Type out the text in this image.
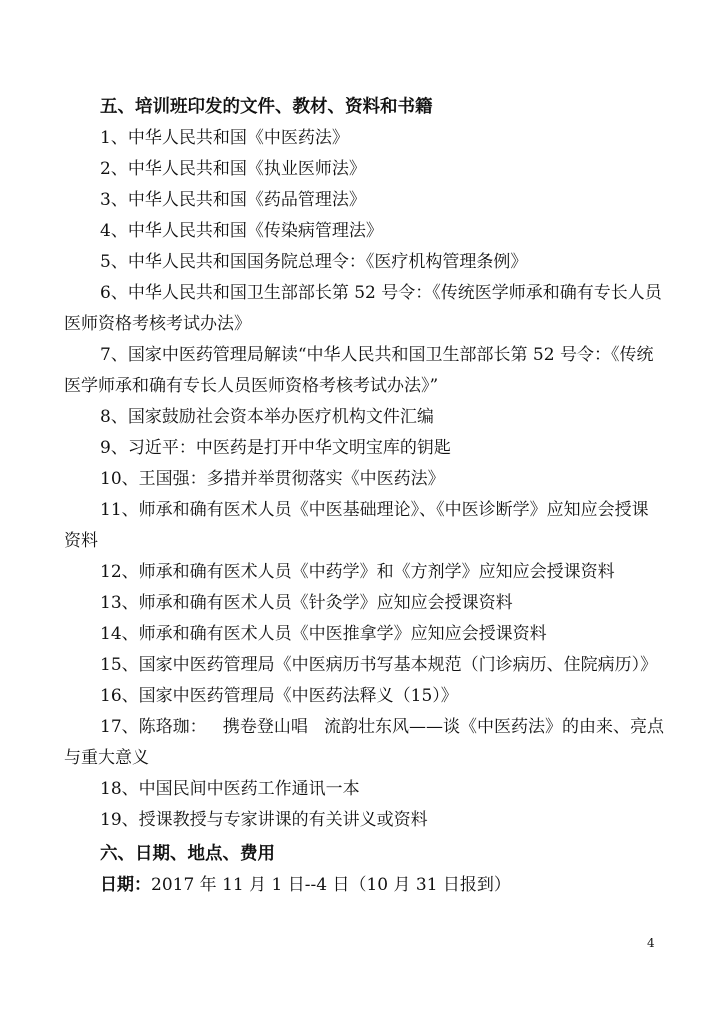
五、培训班印发的文件、教材、资料和书籍
1、中华人民共和国《中医药法》
2、中华人民共和国《执业医师法》
3、中华人民共和国《药品管理法》
4、中华人民共和国《传染病管理法》
5、中华人民共和国国务院总理令：《医疗机构管理条例》
6、中华人民共和国卫生部部长第 52 号令：《传统医学师承和确有专长人员
医师资格考核考试办法》
7、国家中医药管理局解读“中华人民共和国卫生部部长第 52 号令：《传统
医学师承和确有专长人员医师资格考核考试办法》”
8、国家鼓励社会资本举办医疗机构文件汇编
9、习近平：中医药是打开中华文明宝库的钥匙
10、王国强：多措并举贯彻落实《中医药法》
11、师承和确有医术人员《中医基础理论》、《中医诊断学》应知应会授课
资料
12、师承和确有医术人员《中药学》和《方剂学》应知应会授课资料
13、师承和确有医术人员《针灸学》应知应会授课资料
14、师承和确有医术人员《中医推拿学》应知应会授课资料
15、国家中医药管理局《中医病历书写基本规范（门诊病历、住院病历）》
16、国家中医药管理局《中医药法释义（15）》
17、陈珞珈：   携卷登山唱   流韵壮东风——谈《中医药法》的由来、亮点
与重大意义
18、中国民间中医药工作通讯一本
19、授课教授与专家讲课的有关讲义或资料
六、日期、地点、费用
日期：2017 年 11 月 1 日--4 日（10 月 31 日报到）
4
